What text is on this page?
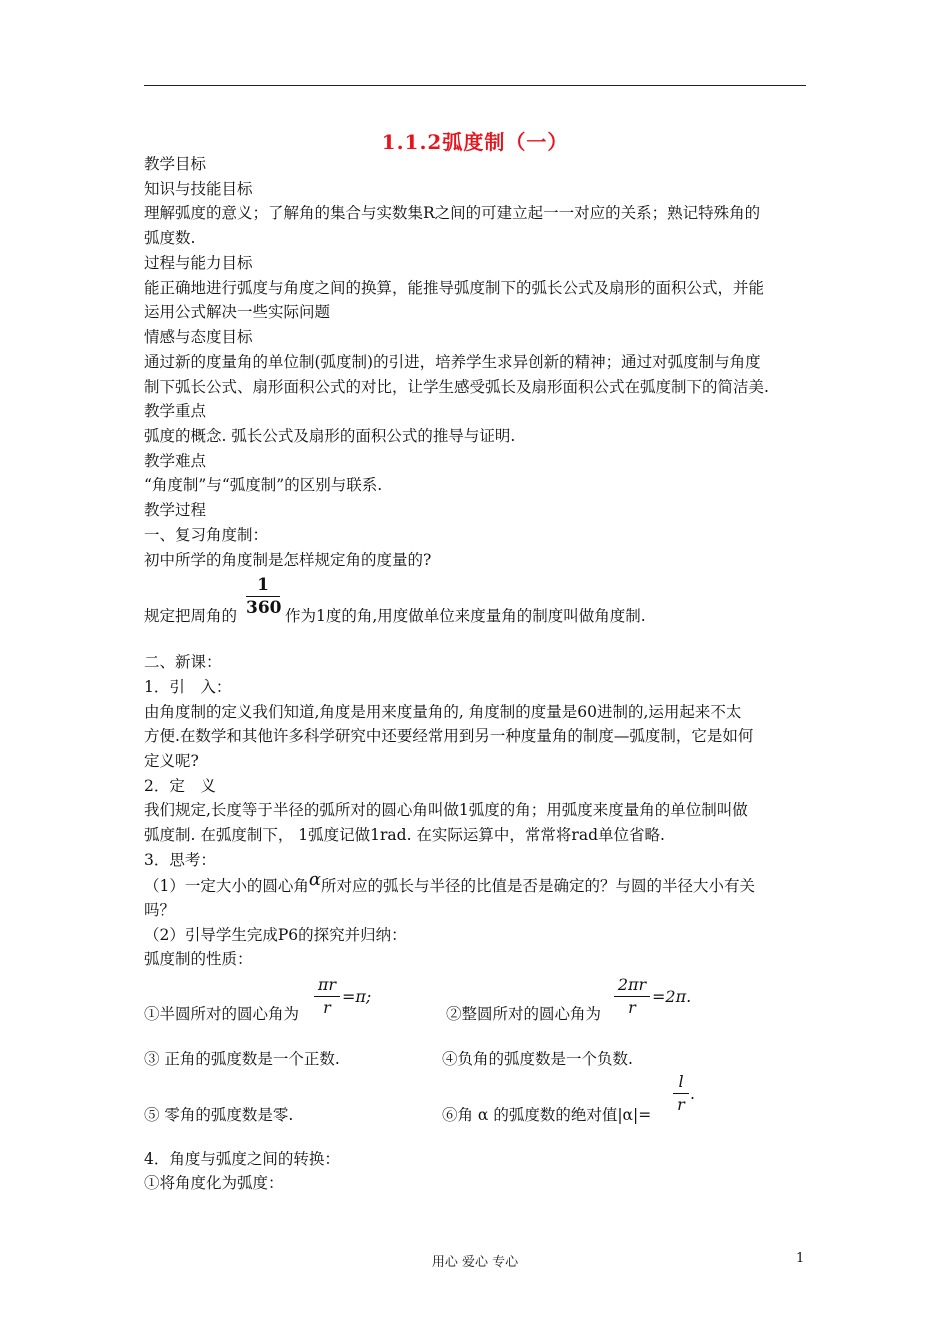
1.1.2弧度制（一）
教学目标
知识与技能目标
理解弧度的意义；了解角的集合与实数集R之间的可建立起一一对应的关系；熟记特殊角的
弧度数.
过程与能力目标
能正确地进行弧度与角度之间的换算，能推导弧度制下的弧长公式及扇形的面积公式，并能
运用公式解决一些实际问题
情感与态度目标
通过新的度量角的单位制(弧度制)的引进，培养学生求异创新的精神；通过对弧度制与角度
制下弧长公式、扇形面积公式的对比，让学生感受弧长及扇形面积公式在弧度制下的简洁美.
教学重点
弧度的概念. 弧长公式及扇形的面积公式的推导与证明.
教学难点
“角度制”与“弧度制”的区别与联系.
教学过程
一、复习角度制：
初中所学的角度制是怎样规定角的度量的?
规定把周角的
1
360 作为1度的角,用度做单位来度量角的制度叫做角度制.
二、新课：
1．引　入：
由角度制的定义我们知道,角度是用来度量角的, 角度制的度量是60进制的,运用起来不太
方便.在数学和其他许多科学研究中还要经常用到另一种度量角的制度—弧度制，它是如何
定义呢?
2．定　义
我们规定,长度等于半径的弧所对的圆心角叫做1弧度的角；用弧度来度量角的单位制叫做
弧度制. 在弧度制下， 1弧度记做1rad. 在实际运算中，常常将rad单位省略.
3．思考：
（1）一定大小的圆心角α所对应的弧长与半径的比值是否是确定的？与圆的半径大小有关
吗？
（2）引导学生完成P6的探究并归纳：
弧度制的性质：
①半圆所对的圆心角为
πr
r
=π;
②整圆所对的圆心角为
2πr
r
=2π.
③ 正角的弧度数是一个正数.	④负角的弧度数是一个负数.
⑤ 零角的弧度数是零.	⑥角 α 的弧度数的绝对值|α|=
l
r
.
4．角度与弧度之间的转换：
①将角度化为弧度：
用心 爱心 专心	1
